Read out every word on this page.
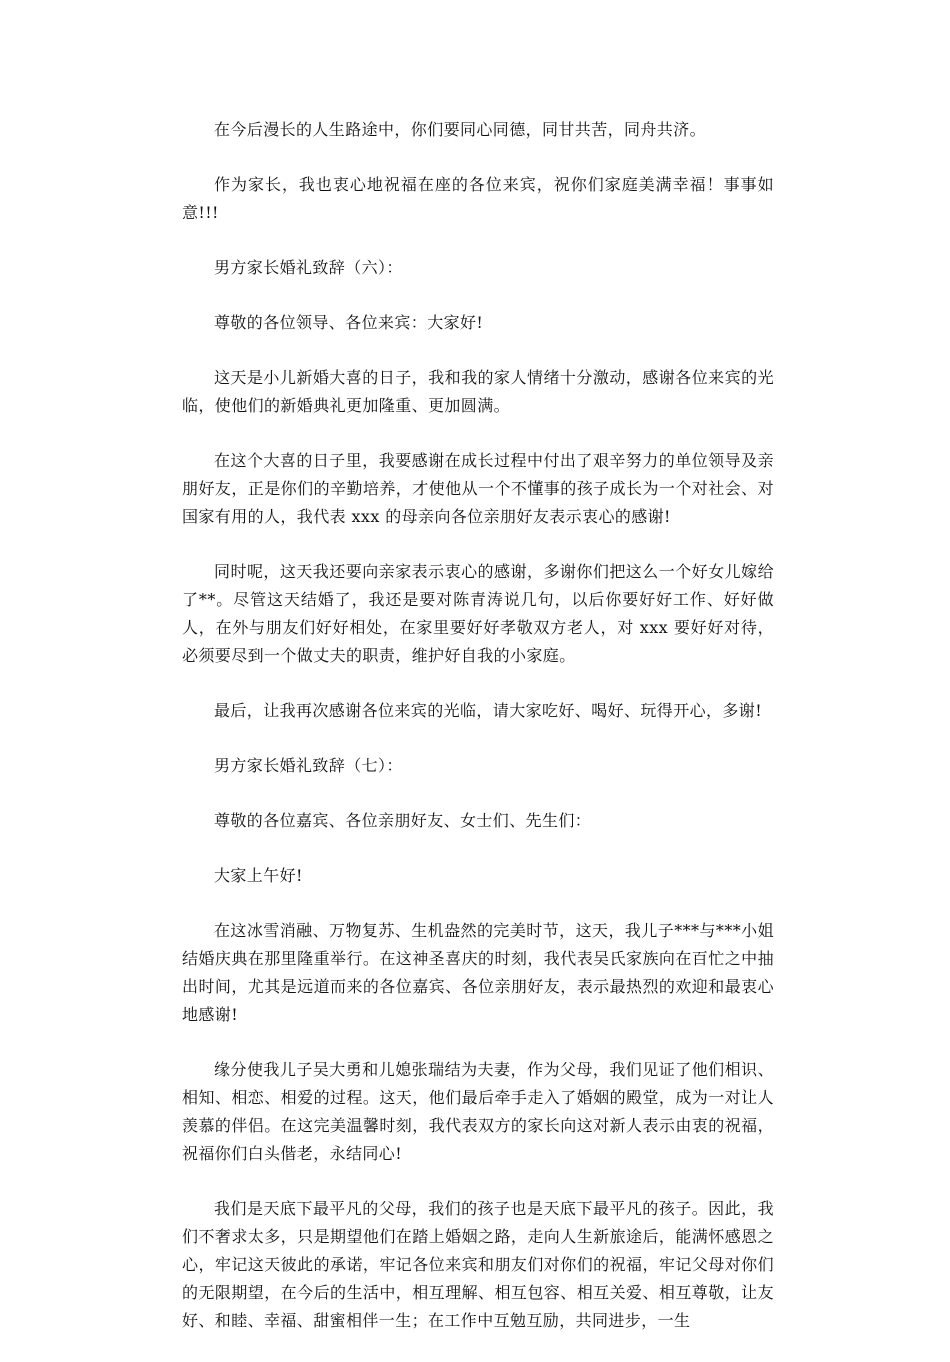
在今后漫长的人生路途中，你们要同心同德，同甘共苦，同舟共济。

作为家长，我也衷心地祝福在座的各位来宾，祝你们家庭美满幸福！事事如意!!!

男方家长婚礼致辞（六）：

尊敬的各位领导、各位来宾：大家好!

这天是小儿新婚大喜的日子，我和我的家人情绪十分激动，感谢各位来宾的光临，使他们的新婚典礼更加隆重、更加圆满。

在这个大喜的日子里，我要感谢在成长过程中付出了艰辛努力的单位领导及亲朋好友，正是你们的辛勤培养，才使他从一个不懂事的孩子成长为一个对社会、对国家有用的人，我代表 xxx 的母亲向各位亲朋好友表示衷心的感谢!

同时呢，这天我还要向亲家表示衷心的感谢，多谢你们把这么一个好女儿嫁给了**。尽管这天结婚了，我还是要对陈青涛说几句，以后你要好好工作、好好做人，在外与朋友们好好相处，在家里要好好孝敬双方老人，对 xxx 要好好对待，必须要尽到一个做丈夫的职责，维护好自我的小家庭。

最后，让我再次感谢各位来宾的光临，请大家吃好、喝好、玩得开心，多谢!

男方家长婚礼致辞（七）：

尊敬的各位嘉宾、各位亲朋好友、女士们、先生们：

大家上午好!

在这冰雪消融、万物复苏、生机盎然的完美时节，这天，我儿子***与***小姐结婚庆典在那里隆重举行。在这神圣喜庆的时刻，我代表吴氏家族向在百忙之中抽出时间，尤其是远道而来的各位嘉宾、各位亲朋好友，表示最热烈的欢迎和最衷心地感谢!

缘分使我儿子吴大勇和儿媳张瑞结为夫妻，作为父母，我们见证了他们相识、相知、相恋、相爱的过程。这天，他们最后牵手走入了婚姻的殿堂，成为一对让人羡慕的伴侣。在这完美温馨时刻，我代表双方的家长向这对新人表示由衷的祝福，祝福你们白头偕老，永结同心!

我们是天底下最平凡的父母，我们的孩子也是天底下最平凡的孩子。因此，我们不奢求太多，只是期望他们在踏上婚姻之路，走向人生新旅途后，能满怀感恩之心，牢记这天彼此的承诺，牢记各位来宾和朋友们对你们的祝福，牢记父母对你们的无限期望，在今后的生活中，相互理解、相互包容、相互关爱、相互尊敬，让友好、和睦、幸福、甜蜜相伴一生；在工作中互勉互励，共同进步，一生
